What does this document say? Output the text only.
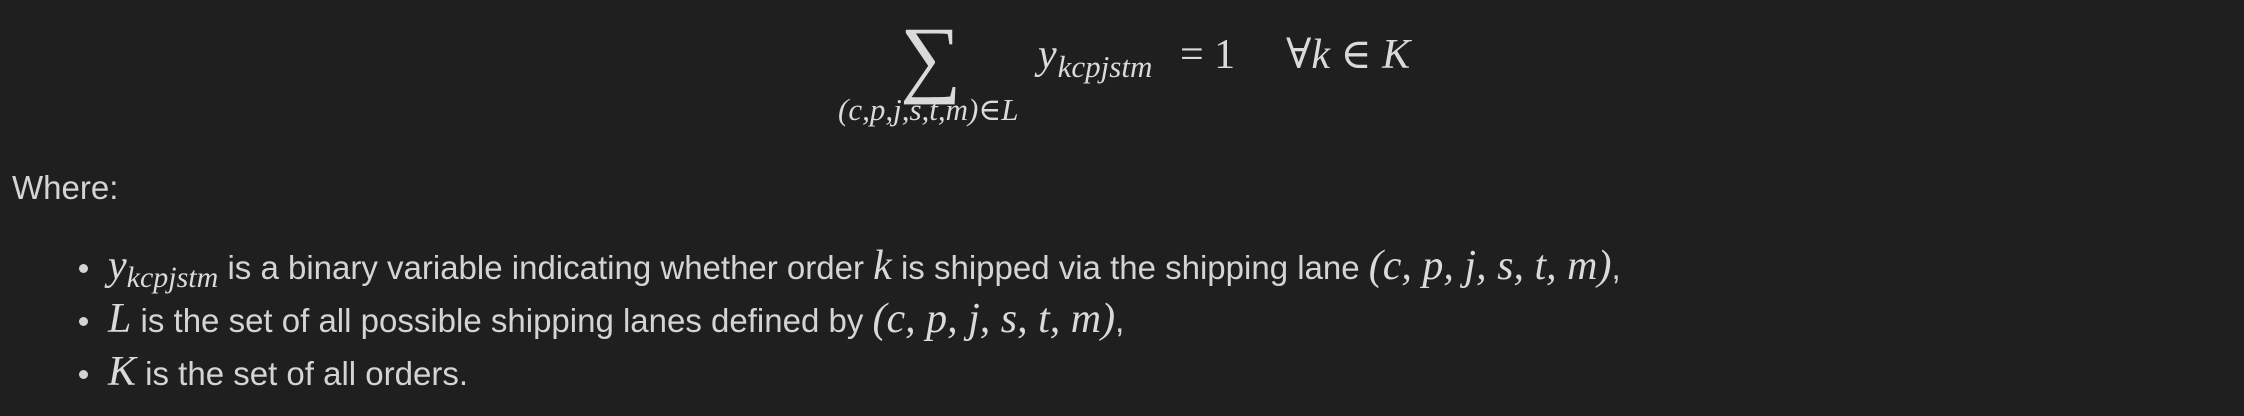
∑
(c,p,j,s,t,m)∈L
$y_{kcpjstm} = 1$ ∀k ∈ K
Where:
ykcpjstm is a binary variable indicating whether order k is shipped via the shipping lane (c, p, j, s, t, m),
L is the set of all possible shipping lanes defined by (c, p, j, s, t, m),
K is the set of all orders.
